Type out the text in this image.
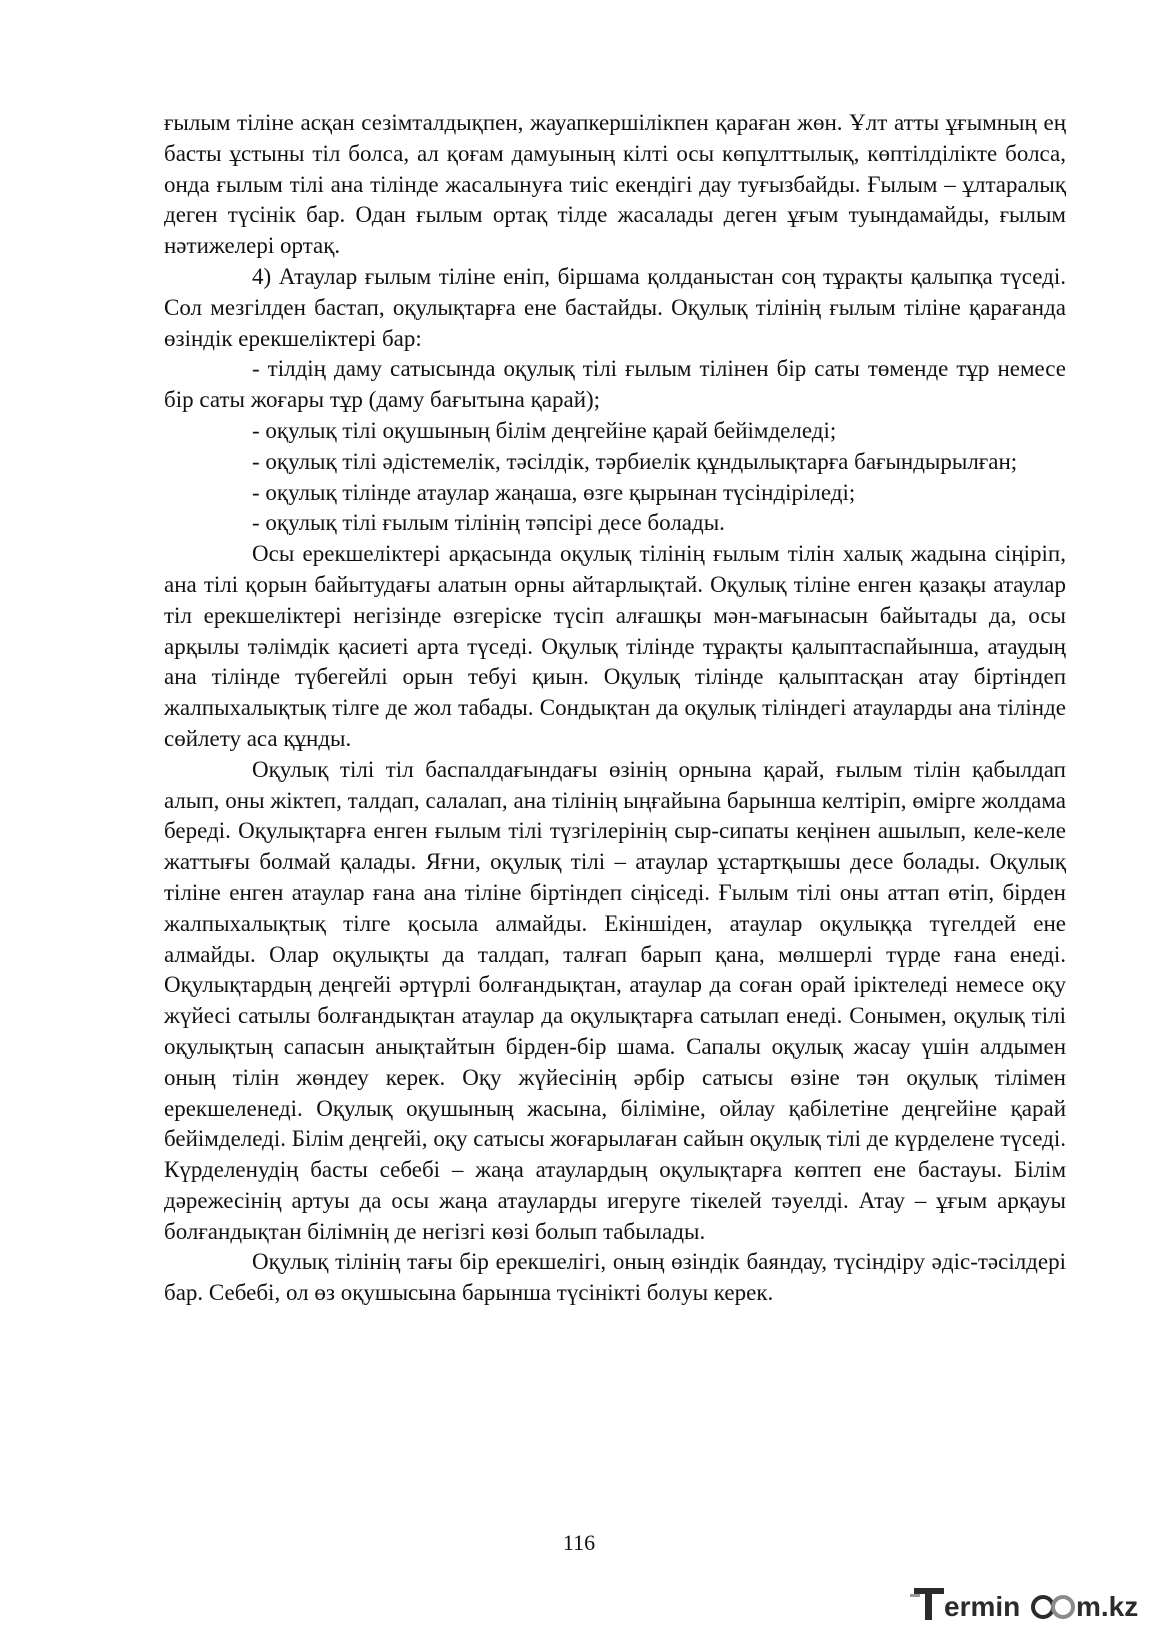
ғылым тіліне асқан сезімталдықпен, жауапкершілікпен қараған жөн. Ұлт атты ұғымның ең басты ұстыны тіл болса, ал қоғам дамуының кілті осы көпұлттылық, көптілділікте болса, онда ғылым тілі ана тілінде жасалынуға тиіс екендігі дау туғызбайды. Ғылым – ұлтаралық деген түсінік бар. Одан ғылым ортақ тілде жасалады деген ұғым туындамайды, ғылым нәтижелері ортақ.

4) Атаулар ғылым тіліне еніп, біршама қолданыстан соң тұрақты қалыпқа түседі. Сол мезгілден бастап, оқулықтарға ене бастайды. Оқулық тілінің ғылым тіліне қарағанда өзіндік ерекшеліктері бар:

- тілдің даму сатысында оқулық тілі ғылым тілінен бір саты төменде тұр немесе бір саты жоғары тұр (даму бағытына қарай);

- оқулық тілі оқушының білім деңгейіне қарай бейімделеді;

- оқулық тілі әдістемелік, тәсілдік, тәрбиелік құндылықтарға бағындырылған;

- оқулық тілінде атаулар жаңаша, өзге қырынан түсіндіріледі;

- оқулық тілі ғылым тілінің тәпсірі десе болады.

Осы ерекшеліктері арқасында оқулық тілінің ғылым тілін халық жадына сіңіріп, ана тілі қорын байытудағы алатын орны айтарлықтай. Оқулық тіліне енген қазақы атаулар тіл ерекшеліктері негізінде өзгеріске түсіп алғашқы мән-мағынасын байытады да, осы арқылы тәлімдік қасиеті арта түседі. Оқулық тілінде тұрақты қалыптаспайынша, атаудың ана тілінде түбегейлі орын тебуі қиын. Оқулық тілінде қалыптасқан атау біртіндеп жалпыхалықтық тілге де жол табады. Сондықтан да оқулық тіліндегі атауларды ана тілінде сөйлету аса құнды.

Оқулық тілі тіл баспалдағындағы өзінің орнына қарай, ғылым тілін қабылдап алып, оны жіктеп, талдап, салалап, ана тілінің ыңғайына барынша келтіріп, өмірге жолдама береді. Оқулықтарға енген ғылым тілі түзгілерінің сыр-сипаты кеңінен ашылып, келе-келе жаттығы болмай қалады. Яғни, оқулық тілі – атаулар ұстартқышы десе болады. Оқулық тіліне енген атаулар ғана ана тіліне біртіндеп сіңіседі. Ғылым тілі оны аттап өтіп, бірден жалпыхалықтық тілге қосыла алмайды. Екіншіден, атаулар оқулыққа түгелдей ене алмайды. Олар оқулықты да талдап, талғап барып қана, мөлшерлі түрде ғана енеді. Оқулықтардың деңгейі әртүрлі болғандықтан, атаулар да соған орай іріктеледі немесе оқу жүйесі сатылы болғандықтан атаулар да оқулықтарға сатылап енеді. Сонымен, оқулық тілі оқулықтың сапасын анықтайтын бірден-бір шама. Сапалы оқулық жасау үшін алдымен оның тілін жөндеу керек. Оқу жүйесінің әрбір сатысы өзіне тән оқулық тілімен ерекшеленеді. Оқулық оқушының жасына, біліміне, ойлау қабілетіне деңгейіне қарай бейімделеді. Білім деңгейі, оқу сатысы жоғарылаған сайын оқулық тілі де күрделене түседі. Күрделенудің басты себебі – жаңа атаулардың оқулықтарға көптеп ене бастауы. Білім дәрежесінің артуы да осы жаңа атауларды игеруге тікелей тәуелді. Атау – ұғым арқауы болғандықтан білімнің де негізгі көзі болып табылады.

Оқулық тілінің тағы бір ерекшелігі, оның өзіндік баяндау, түсіндіру әдіс-тәсілдері бар. Себебі, ол өз оқушысына барынша түсінікті болуы керек.

116
ermin m.kz
